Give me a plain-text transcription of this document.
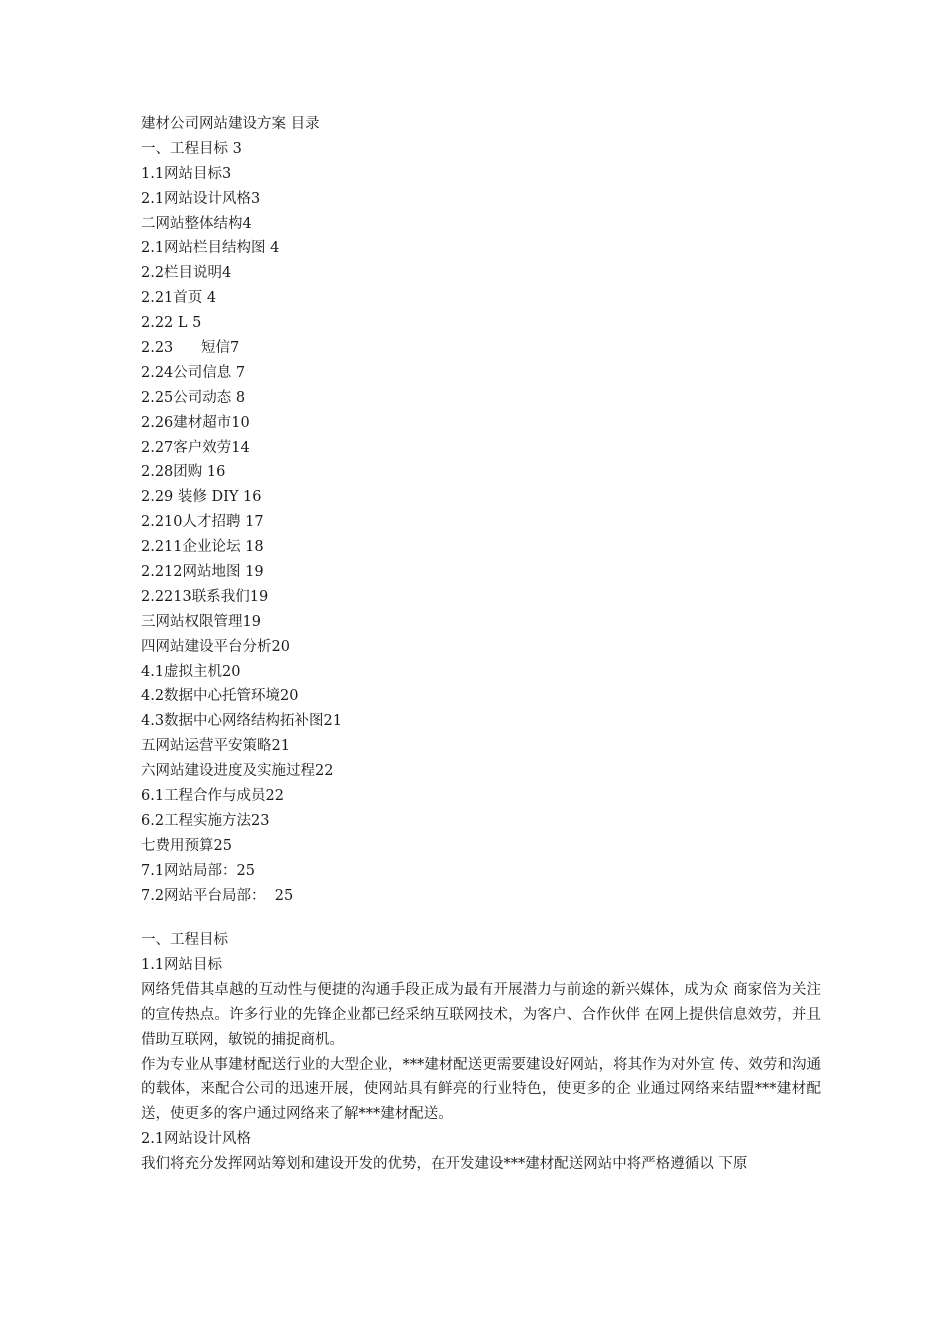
建材公司网站建设方案 目录
一、工程目标 3
1.1网站目标3
2.1网站设计风格3
二网站整体结构4
2.1网站栏目结构图 4
2.2栏目说明4
2.21首页 4
2.22 L 5
2.23      短信7
2.24公司信息 7
2.25公司动态 8
2.26建材超市10
2.27客户效劳14
2.28团购 16
2.29 装修 DIY 16
2.210人才招聘 17
2.211企业论坛 18
2.212网站地图 19
2.2213联系我们19
三网站权限管理19
四网站建设平台分析20
4.1虚拟主机20
4.2数据中心托管环境20
4.3数据中心网络结构拓补图21
五网站运营平安策略21
六网站建设进度及实施过程22
6.1工程合作与成员22
6.2工程实施方法23
七费用预算25
7.1网站局部：25
7.2网站平台局部：  25
一、工程目标
1.1网站目标
网络凭借其卓越的互动性与便捷的沟通手段正成为最有开展潜力与前途的新兴媒体，成为众 商家倍为关注的宣传热点。许多行业的先锋企业都已经采纳互联网技术，为客户、合作伙伴 在网上提供信息效劳，并且借助互联网，敏锐的捕捉商机。
作为专业从事建材配送行业的大型企业，***建材配送更需要建设好网站，将其作为对外宣 传、效劳和沟通的载体，来配合公司的迅速开展，使网站具有鲜亮的行业特色，使更多的企 业通过网络来结盟***建材配送，使更多的客户通过网络来了解***建材配送。
2.1网站设计风格
我们将充分发挥网站筹划和建设开发的优势，在开发建设***建材配送网站中将严格遵循以 下原
